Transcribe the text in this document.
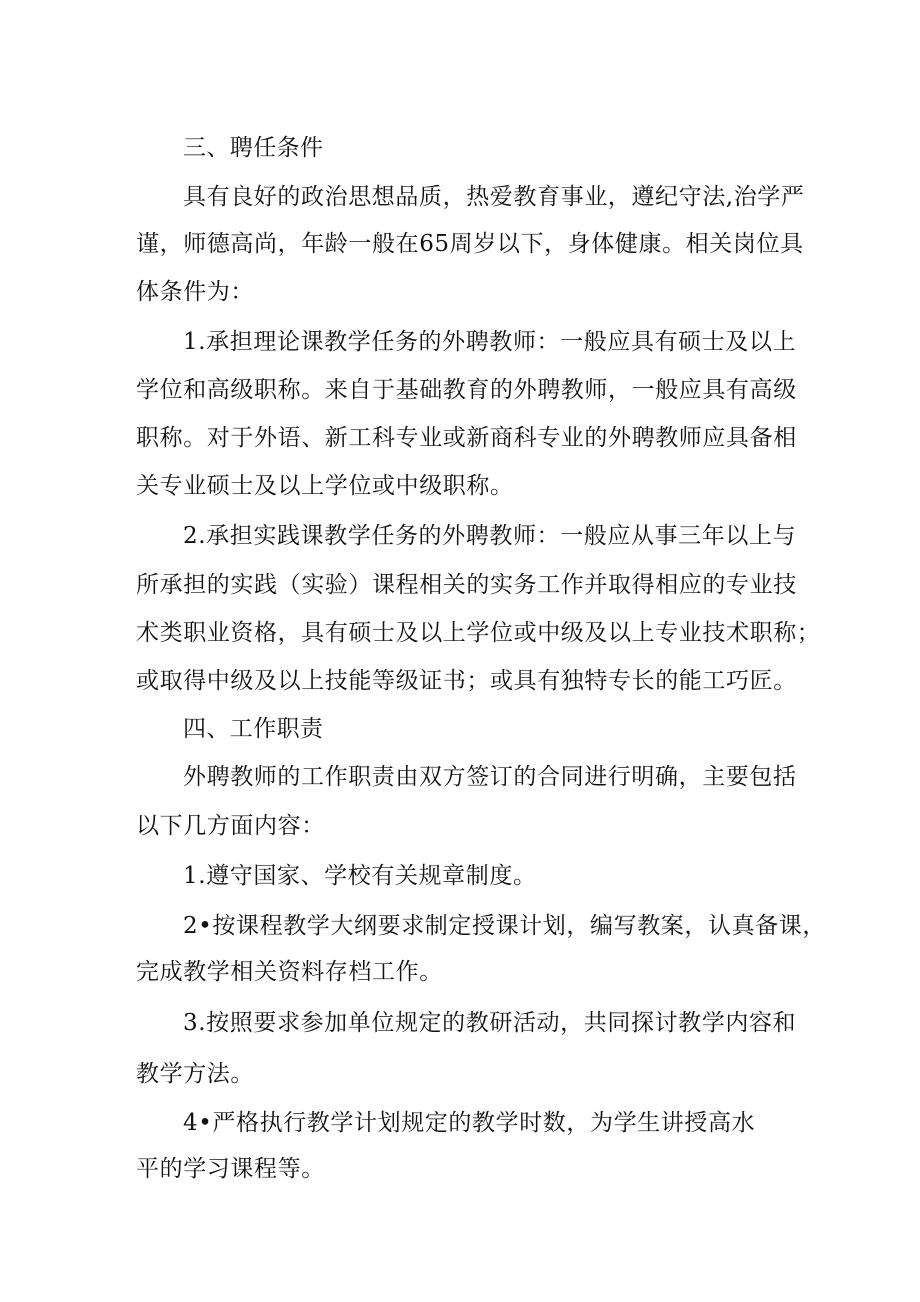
三、聘任条件
具有良好的政治思想品质，热爱教育事业，遵纪守法,治学严
谨，师德高尚，年龄一般在65周岁以下，身体健康。相关岗位具
体条件为：
1.承担理论课教学任务的外聘教师：一般应具有硕士及以上
学位和高级职称。来自于基础教育的外聘教师，一般应具有高级
职称。对于外语、新工科专业或新商科专业的外聘教师应具备相
关专业硕士及以上学位或中级职称。
2.承担实践课教学任务的外聘教师：一般应从事三年以上与
所承担的实践（实验）课程相关的实务工作并取得相应的专业技
术类职业资格，具有硕士及以上学位或中级及以上专业技术职称；
或取得中级及以上技能等级证书；或具有独特专长的能工巧匠。
四、工作职责
外聘教师的工作职责由双方签订的合同进行明确，主要包括
以下几方面内容：
1.遵守国家、学校有关规章制度。
2•按课程教学大纲要求制定授课计划，编写教案，认真备课，
完成教学相关资料存档工作。
3.按照要求参加单位规定的教研活动，共同探讨教学内容和
教学方法。
4•严格执行教学计划规定的教学时数，为学生讲授高水
平的学习课程等。
